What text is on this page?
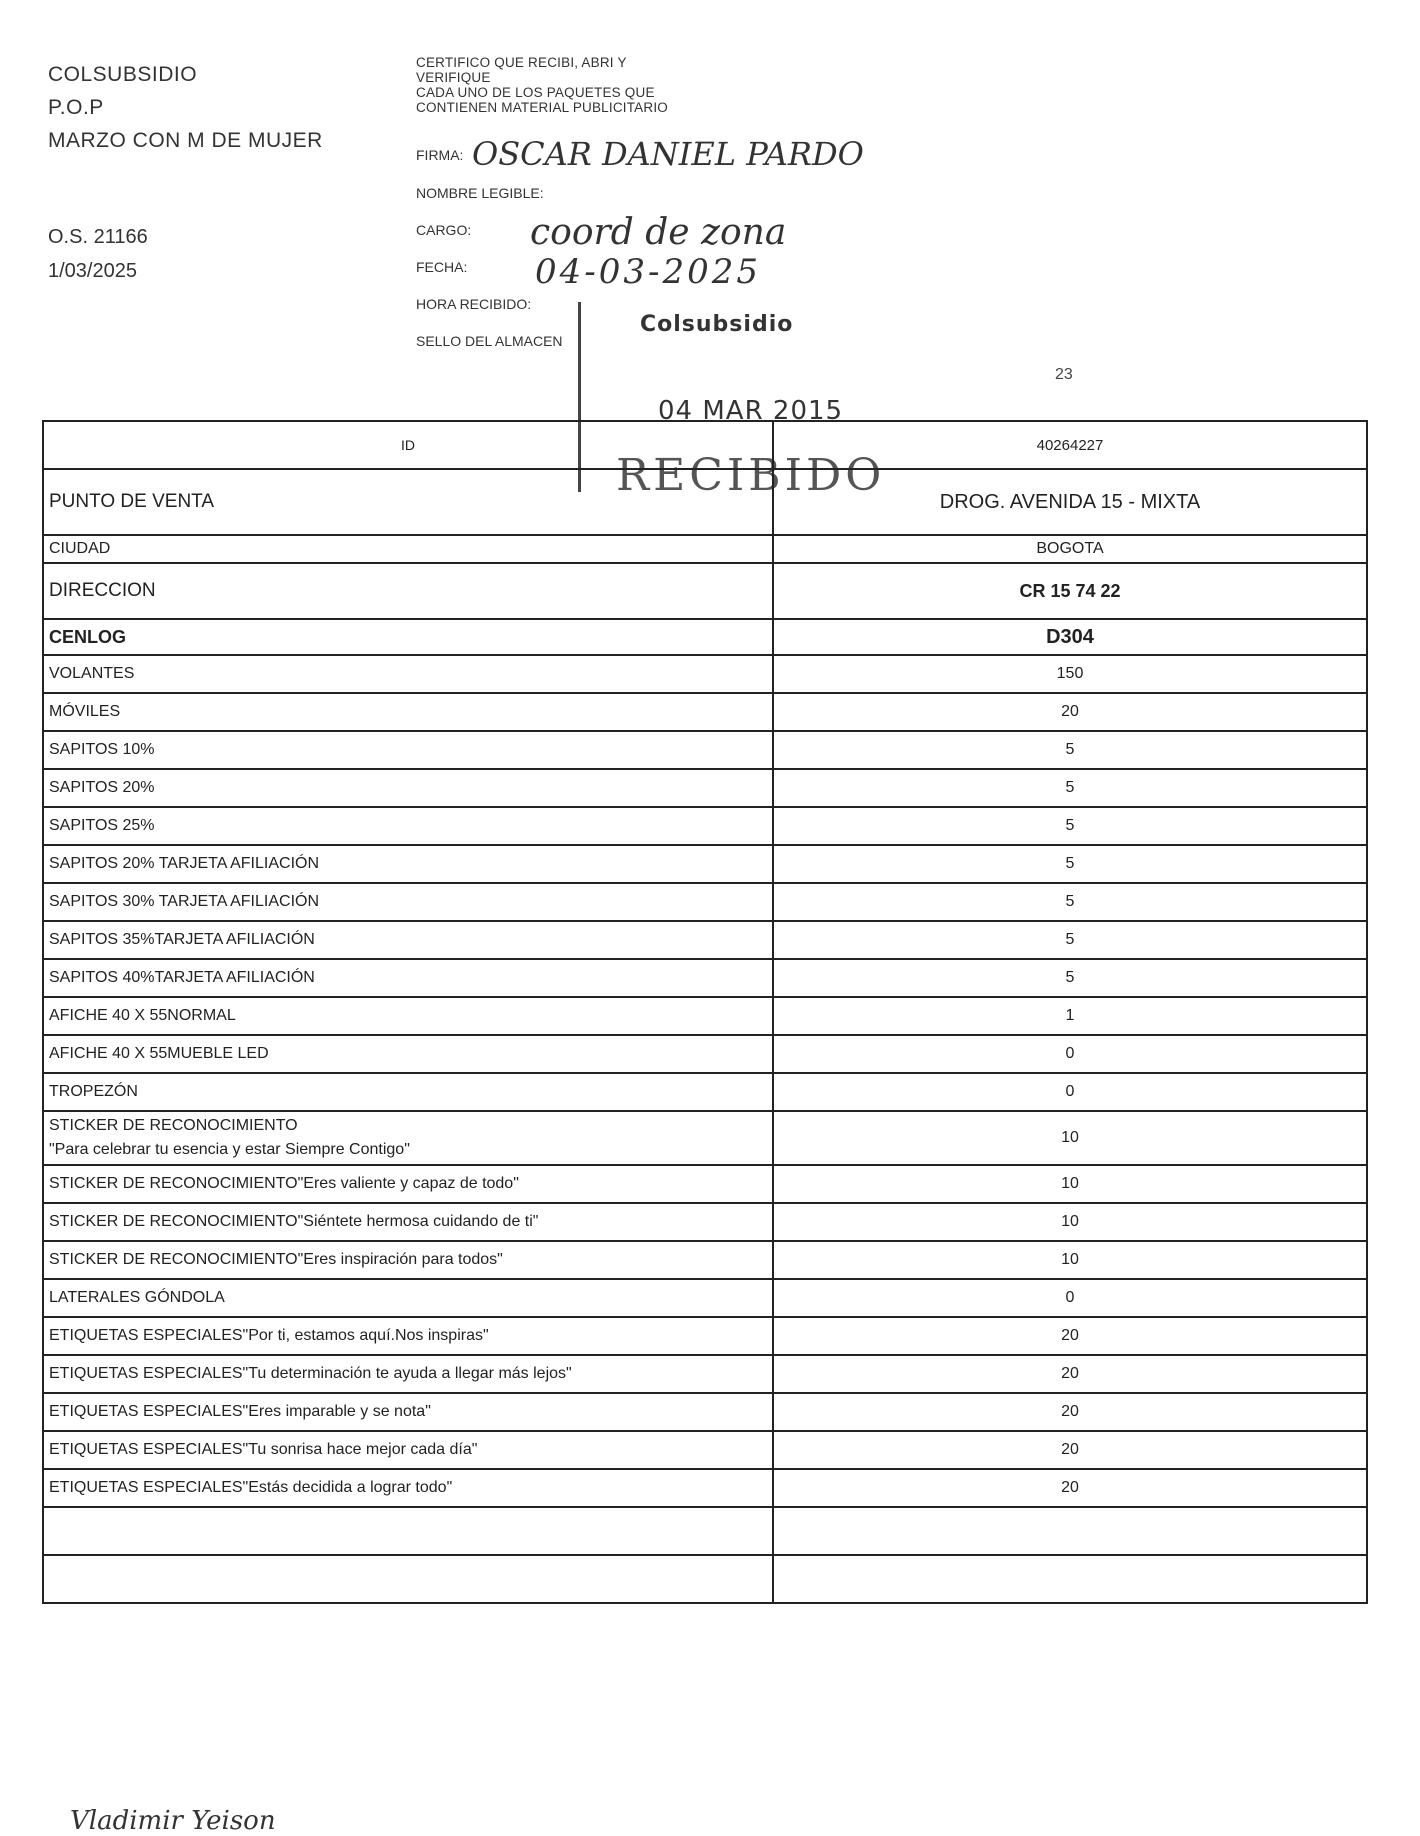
COLSUBSIDIO
P.O.P
MARZO CON M DE MUJER
O.S. 21166
1/03/2025
CERTIFICO QUE RECIBI, ABRI Y
VERIFIQUE
CADA UNO DE LOS PAQUETES QUE
CONTIENEN MATERIAL PUBLICITARIO
FIRMA:
NOMBRE LEGIBLE:
CARGO:
FECHA:
HORA RECIBIDO:
SELLO DEL ALMACEN
OSCAR DANIEL PARDO
coord de zona
04-03-2025
Colsubsidio
04 MAR 2015
RECIBIDO
23
ID	40264227
PUNTO DE VENTA	DROG. AVENIDA 15 - MIXTA
CIUDAD	BOGOTA
DIRECCION	CR 15 74 22
CENLOG	D304
VOLANTES	150
MÓVILES	20
SAPITOS 10%	5
SAPITOS 20%	5
SAPITOS 25%	5
SAPITOS 20% TARJETA AFILIACIÓN	5
SAPITOS 30% TARJETA AFILIACIÓN	5
SAPITOS 35%TARJETA AFILIACIÓN	5
SAPITOS 40%TARJETA AFILIACIÓN	5
AFICHE 40 X 55NORMAL	1
AFICHE 40 X 55MUEBLE LED	0
TROPEZÓN	0

STICKER DE RECONOCIMIENTO
"Para celebrar tu esencia y estar Siempre Contigo"	10
STICKER DE RECONOCIMIENTO"Eres valiente y capaz de todo"	10
STICKER DE RECONOCIMIENTO"Siéntete hermosa cuidando de ti"	10
STICKER DE RECONOCIMIENTO"Eres inspiración para todos"	10
LATERALES GÓNDOLA	0
ETIQUETAS ESPECIALES"Por ti, estamos aquí.Nos inspiras"	20
ETIQUETAS ESPECIALES"Tu determinación te ayuda a llegar más lejos"	20
ETIQUETAS ESPECIALES"Eres imparable y se nota"	20
ETIQUETAS ESPECIALES"Tu sonrisa hace mejor cada día"	20
ETIQUETAS ESPECIALES"Estás decidida a lograr todo"	20

Vladimir Yeison
